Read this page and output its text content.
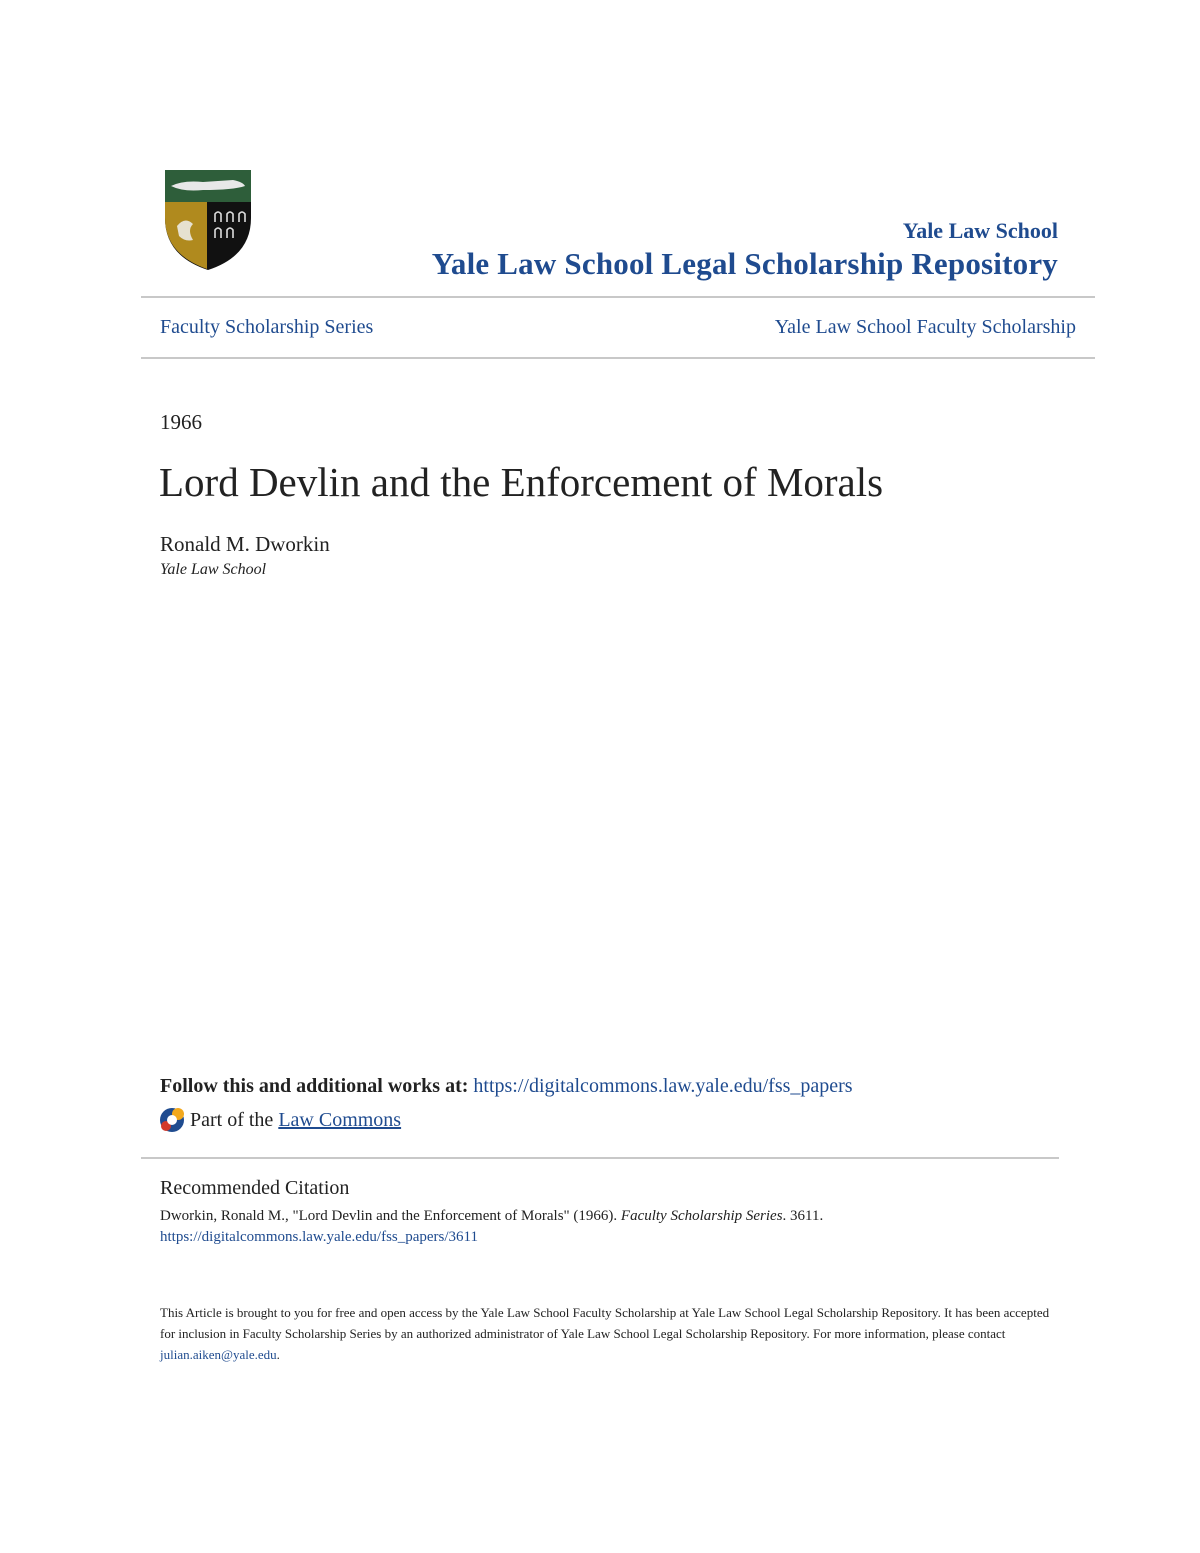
Yale Law School
Yale Law School Legal Scholarship Repository
Faculty Scholarship Series	Yale Law School Faculty Scholarship
1966
Lord Devlin and the Enforcement of Morals
Ronald M. Dworkin
Yale Law School
Follow this and additional works at: https://digitalcommons.law.yale.edu/fss_papers
Part of the
Law Commons
Recommended Citation
Dworkin, Ronald M., "Lord Devlin and the Enforcement of Morals" (1966). Faculty Scholarship Series. 3611.
https://digitalcommons.law.yale.edu/fss_papers/3611
This Article is brought to you for free and open access by the Yale Law School Faculty Scholarship at Yale Law School Legal Scholarship Repository. It has been accepted for inclusion in Faculty Scholarship Series by an authorized administrator of Yale Law School Legal Scholarship Repository. For more information, please contact julian.aiken@yale.edu.
